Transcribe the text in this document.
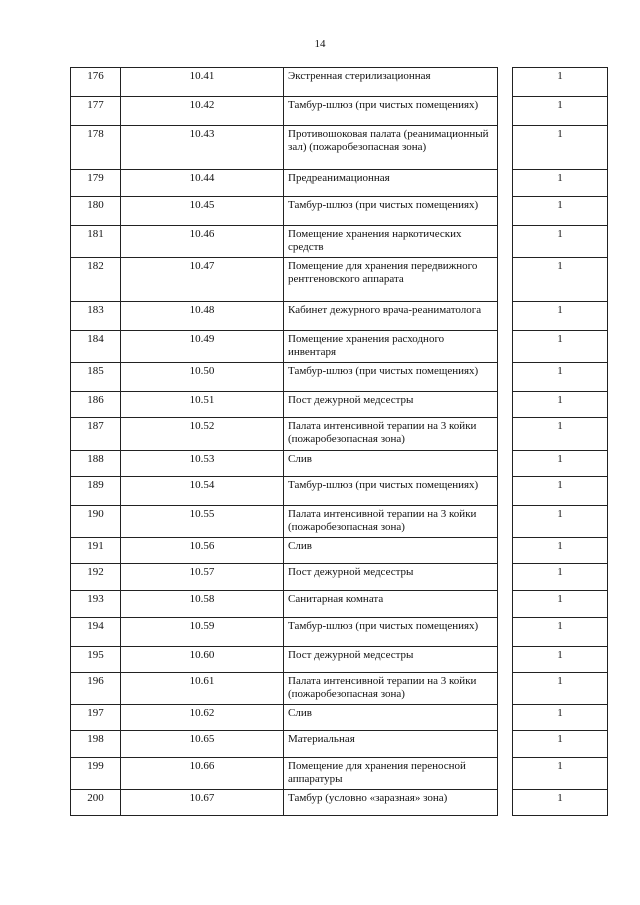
14
176	10.41	Экстренная стерилизационная		1
177	10.42	Тамбур-шлюз (при чистых помещениях)		1
178	10.43	Противошоковая палата (реанимационный зал) (пожаробезопасная зона)		1
179	10.44	Предреанимационная		1
180	10.45	Тамбур-шлюз (при чистых помещениях)		1
181	10.46	Помещение хранения наркотических средств		1
182	10.47	Помещение для хранения передвижного рентгеновского аппарата		1
183	10.48	Кабинет дежурного врача-реаниматолога		1
184	10.49	Помещение хранения расходного инвентаря		1
185	10.50	Тамбур-шлюз (при чистых помещениях)		1
186	10.51	Пост дежурной медсестры		1
187	10.52	Палата интенсивной терапии на 3 койки (пожаробезопасная зона)		1
188	10.53	Слив		1
189	10.54	Тамбур-шлюз (при чистых помещениях)		1
190	10.55	Палата интенсивной терапии на 3 койки (пожаробезопасная зона)		1
191	10.56	Слив		1
192	10.57	Пост дежурной медсестры		1
193	10.58	Санитарная комната		1
194	10.59	Тамбур-шлюз (при чистых помещениях)		1
195	10.60	Пост дежурной медсестры		1
196	10.61	Палата интенсивной терапии на 3 койки (пожаробезопасная зона)		1
197	10.62	Слив		1
198	10.65	Материальная		1
199	10.66	Помещение для хранения переносной аппаратуры		1
200	10.67	Тамбур (условно «заразная» зона)		1
